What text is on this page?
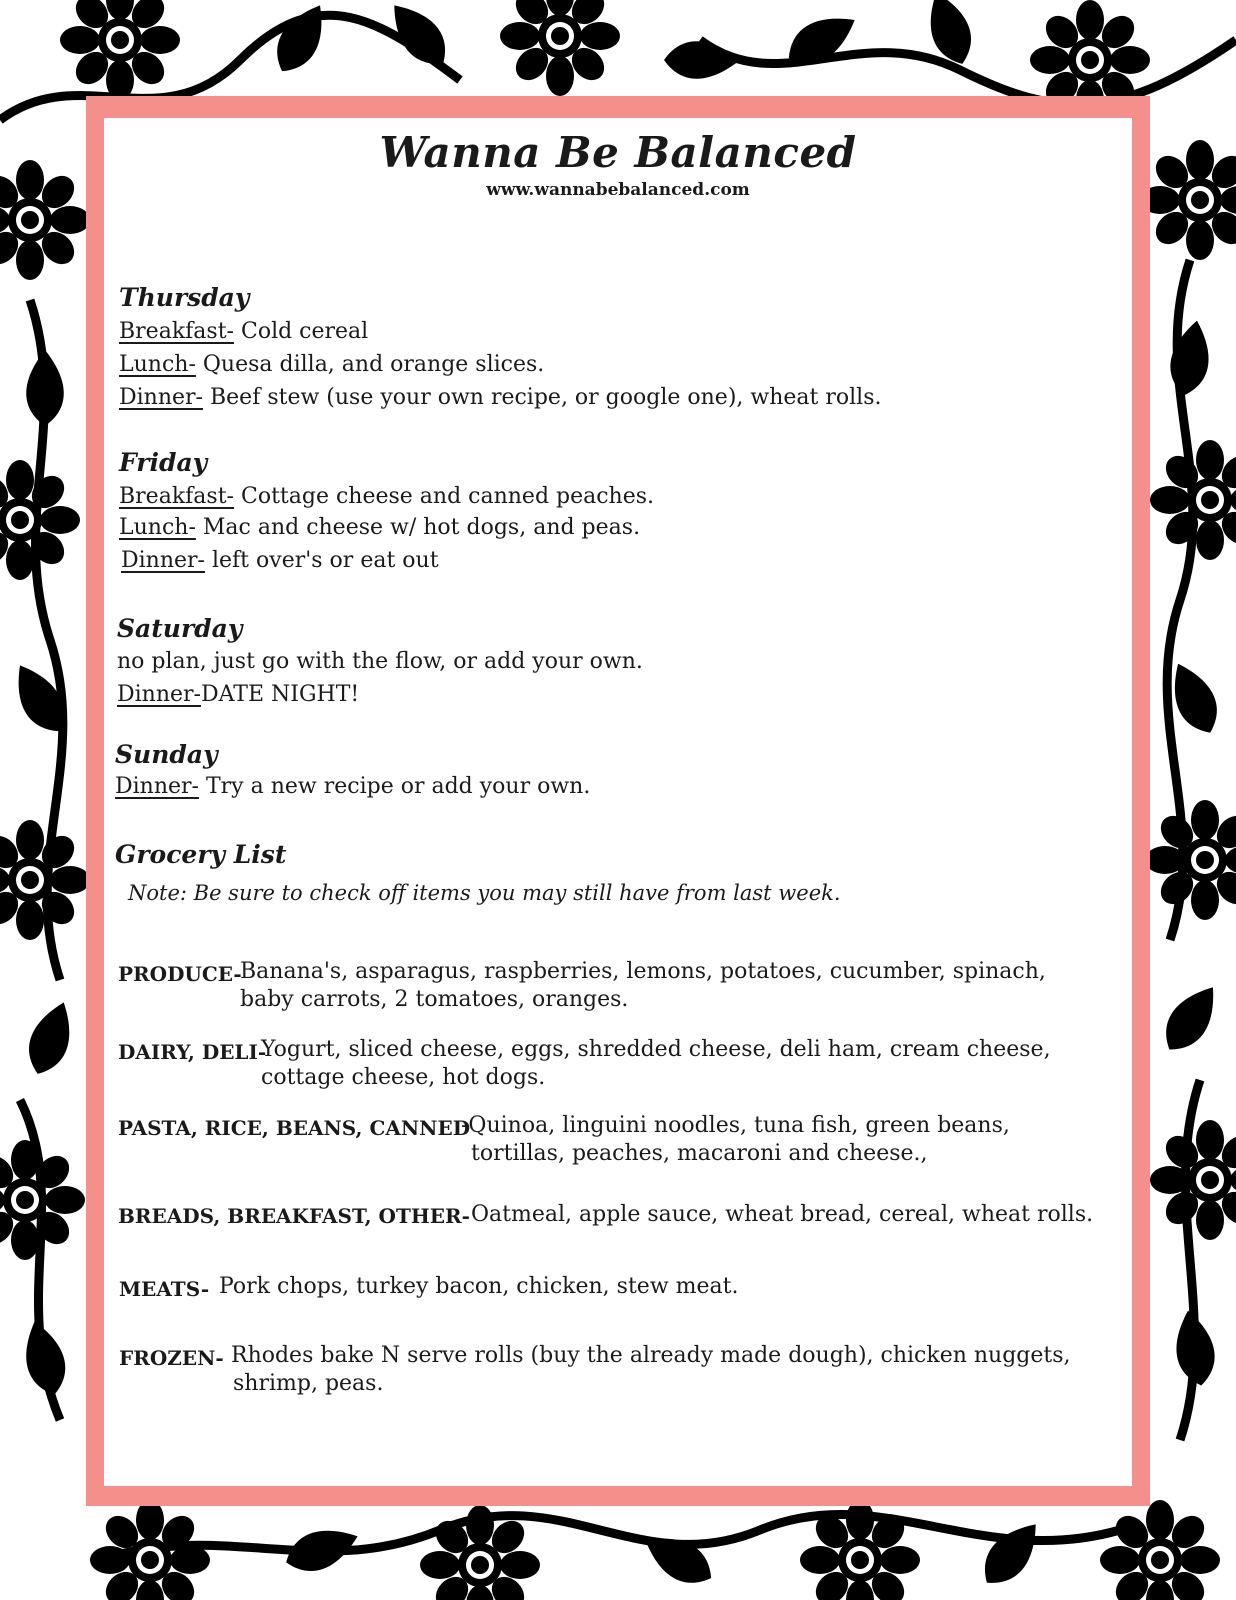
Wanna Be Balanced
www.wannabebalanced.com
Thursday
Breakfast- Cold cereal
Lunch- Quesa dilla, and orange slices.
Dinner- Beef stew (use your own recipe, or google one), wheat rolls.
Friday
Breakfast- Cottage cheese and canned peaches.
Lunch- Mac and cheese w/ hot dogs, and peas.
Dinner- left over's or eat out
Saturday
no plan, just go with the flow, or add your own.
Dinner-DATE NIGHT!
Sunday
Dinner- Try a new recipe or add your own.
Grocery List
Note: Be sure to check off items you may still have from last week.
PRODUCE-
Banana's, asparagus, raspberries, lemons, potatoes, cucumber, spinach,
baby carrots, 2 tomatoes, oranges.
DAIRY, DELI-
Yogurt, sliced cheese, eggs, shredded cheese, deli ham, cream cheese,
cottage cheese, hot dogs.
PASTA, RICE, BEANS, CANNED
-Quinoa, linguini noodles, tuna fish, green beans,
tortillas, peaches, macaroni and cheese.,
BREADS, BREAKFAST, OTHER- Oatmeal, apple sauce, wheat bread, cereal, wheat rolls.
MEATS- Pork chops, turkey bacon, chicken, stew meat.
FROZEN- Rhodes bake N serve rolls (buy the already made dough), chicken nuggets,
shrimp, peas.
